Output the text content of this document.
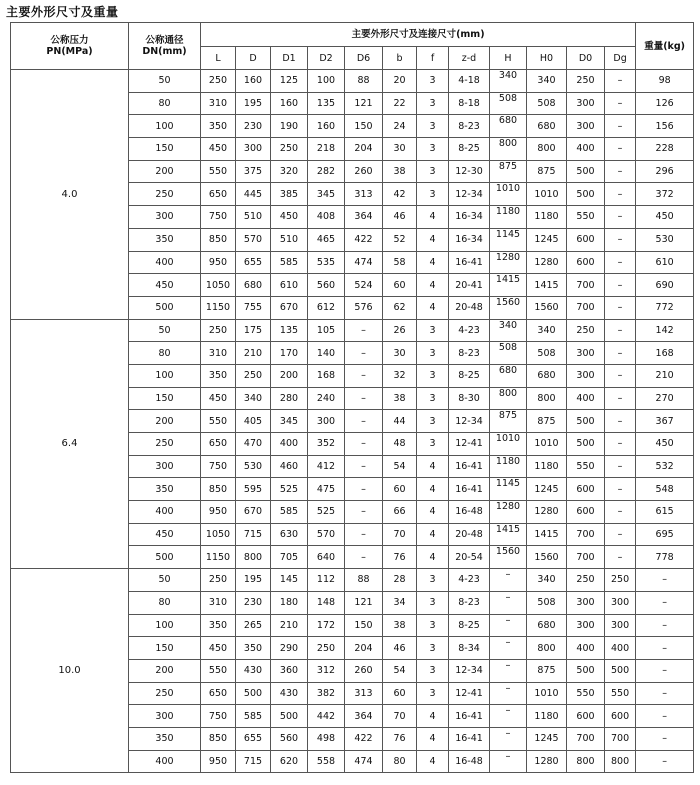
主要外形尺寸及重量
公称压力
PN(MPa)	公称通径
DN(mm)	主要外形尺寸及连接尺寸(mm)												重量(kg)
		L	D	D1	D2	D6	b	f	z-d	H	H0	D0	Dg	
4.0	50	250	160	125	100	88	20	3	4-18	340	340	250	–	98
	80	310	195	160	135	121	22	3	8-18	508	508	300	–	126
	100	350	230	190	160	150	24	3	8-23	680	680	300	–	156
	150	450	300	250	218	204	30	3	8-25	800	800	400	–	228
	200	550	375	320	282	260	38	3	12-30	875	875	500	–	296
	250	650	445	385	345	313	42	3	12-34	1010	1010	500	–	372
	300	750	510	450	408	364	46	4	16-34	1180	1180	550	–	450
	350	850	570	510	465	422	52	4	16-34	1145	1245	600	–	530
	400	950	655	585	535	474	58	4	16-41	1280	1280	600	–	610
	450	1050	680	610	560	524	60	4	20-41	1415	1415	700	–	690
	500	1150	755	670	612	576	62	4	20-48	1560	1560	700	–	772
6.4	50	250	175	135	105	–	26	3	4-23	340	340	250	–	142
	80	310	210	170	140	–	30	3	8-23	508	508	300	–	168
	100	350	250	200	168	–	32	3	8-25	680	680	300	–	210
	150	450	340	280	240	–	38	3	8-30	800	800	400	–	270
	200	550	405	345	300	–	44	3	12-34	875	875	500	–	367
	250	650	470	400	352	–	48	3	12-41	1010	1010	500	–	450
	300	750	530	460	412	–	54	4	16-41	1180	1180	550	–	532
	350	850	595	525	475	–	60	4	16-41	1145	1245	600	–	548
	400	950	670	585	525	–	66	4	16-48	1280	1280	600	–	615
	450	1050	715	630	570	–	70	4	20-48	1415	1415	700	–	695
	500	1150	800	705	640	–	76	4	20-54	1560	1560	700	–	778
10.0	50	250	195	145	112	88	28	3	4-23	–	340	250	250	–
	80	310	230	180	148	121	34	3	8-23	–	508	300	300	–
	100	350	265	210	172	150	38	3	8-25	–	680	300	300	–
	150	450	350	290	250	204	46	3	8-34	–	800	400	400	–
	200	550	430	360	312	260	54	3	12-34	–	875	500	500	–
	250	650	500	430	382	313	60	3	12-41	–	1010	550	550	–
	300	750	585	500	442	364	70	4	16-41	–	1180	600	600	–
	350	850	655	560	498	422	76	4	16-41	–	1245	700	700	–
	400	950	715	620	558	474	80	4	16-48	–	1280	800	800	–
